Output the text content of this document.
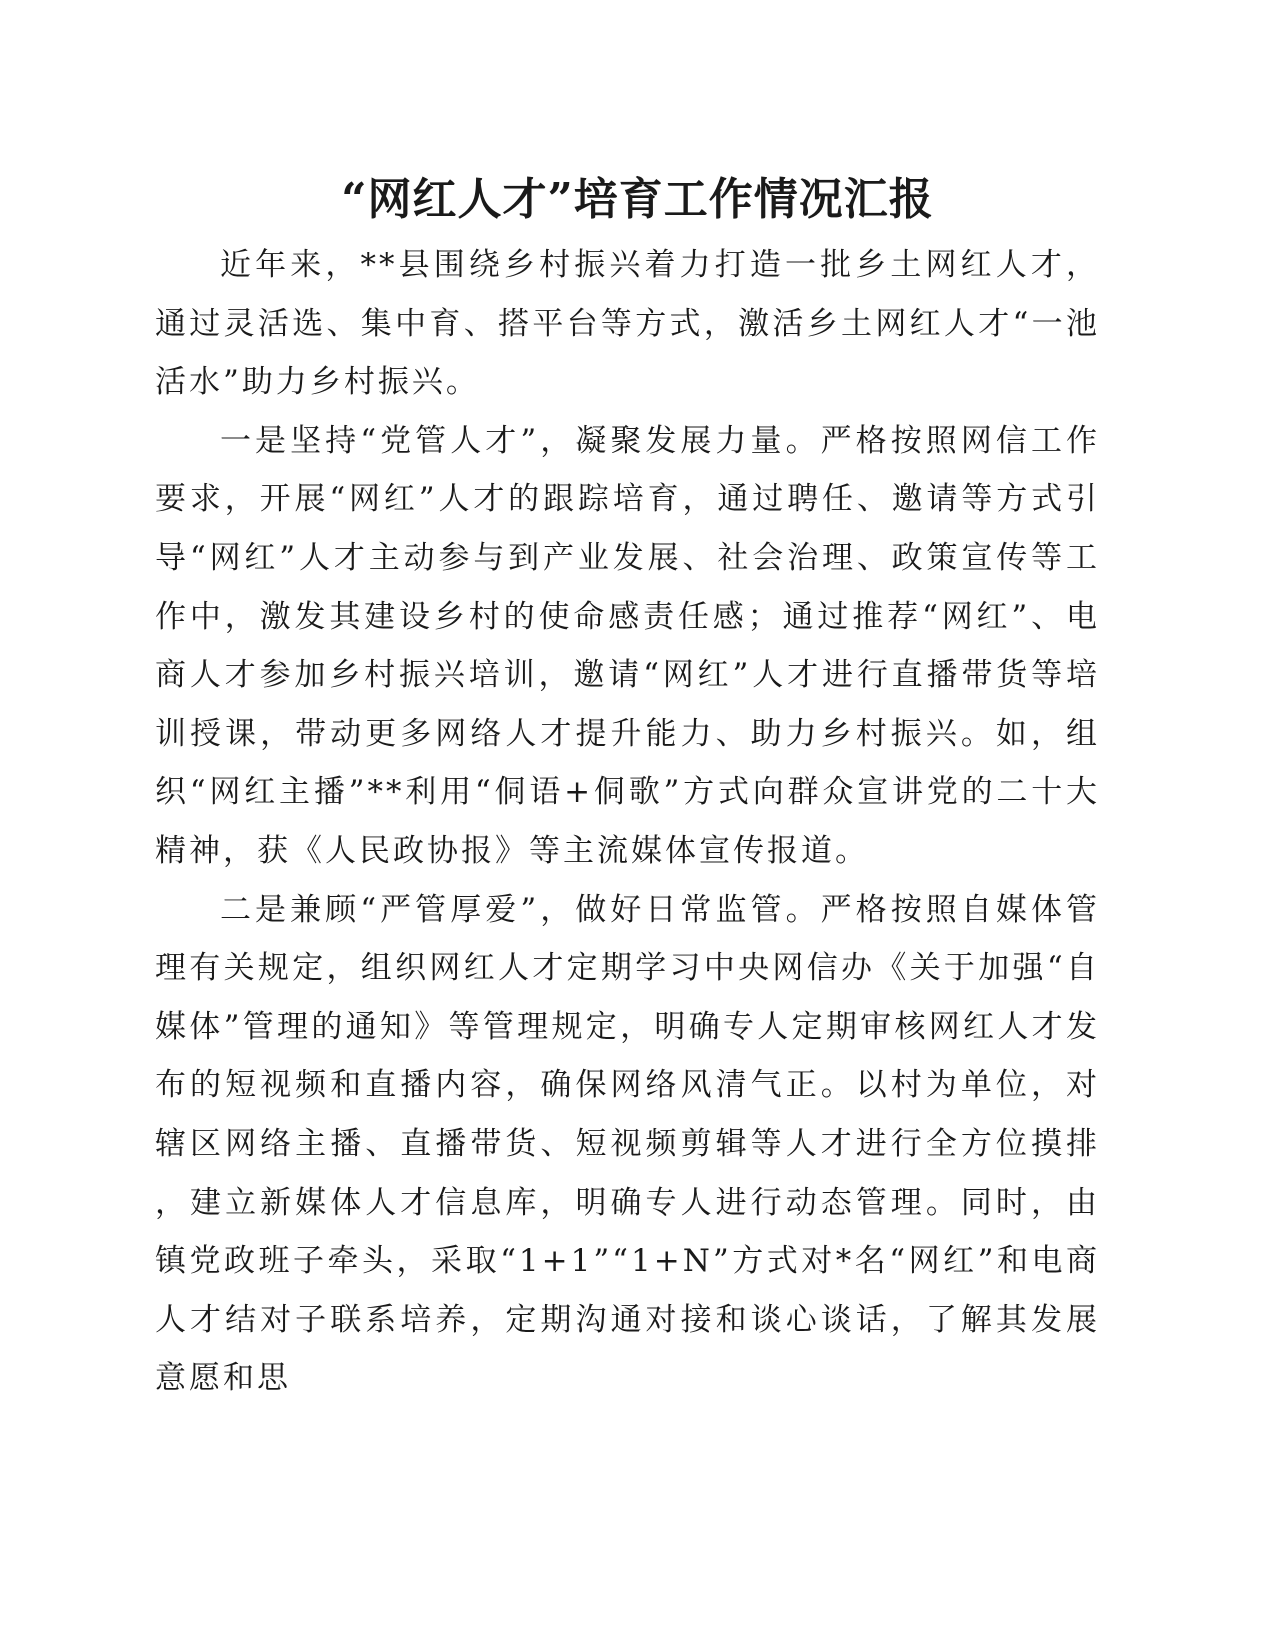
“网红人才”培育工作情况汇报

近年来，**县围绕乡村振兴着力打造一批乡土网红人才，通过灵活选、集中育、搭平台等方式，激活乡土网红人才“一池活水”助力乡村振兴。

一是坚持“党管人才”，凝聚发展力量。严格按照网信工作要求，开展“网红”人才的跟踪培育，通过聘任、邀请等方式引导“网红”人才主动参与到产业发展、社会治理、政策宣传等工作中，激发其建设乡村的使命感责任感；通过推荐“网红”、电商人才参加乡村振兴培训，邀请“网红”人才进行直播带货等培训授课，带动更多网络人才提升能力、助力乡村振兴。如，组织“网红主播”**利用“侗语+侗歌”方式向群众宣讲党的二十大精神，获《人民政协报》等主流媒体宣传报道。

二是兼顾“严管厚爱”，做好日常监管。严格按照自媒体管理有关规定，组织网红人才定期学习中央网信办《关于加强“自媒体”管理的通知》等管理规定，明确专人定期审核网红人才发布的短视频和直播内容，确保网络风清气正。以村为单位，对辖区网络主播、直播带货、短视频剪辑等人才进行全方位摸排，建立新媒体人才信息库，明确专人进行动态管理。同时，由镇党政班子牵头，采取“1+1”“1+N”方式对*名“网红”和电商人才结对子联系培养，定期沟通对接和谈心谈话，了解其发展意愿和思
